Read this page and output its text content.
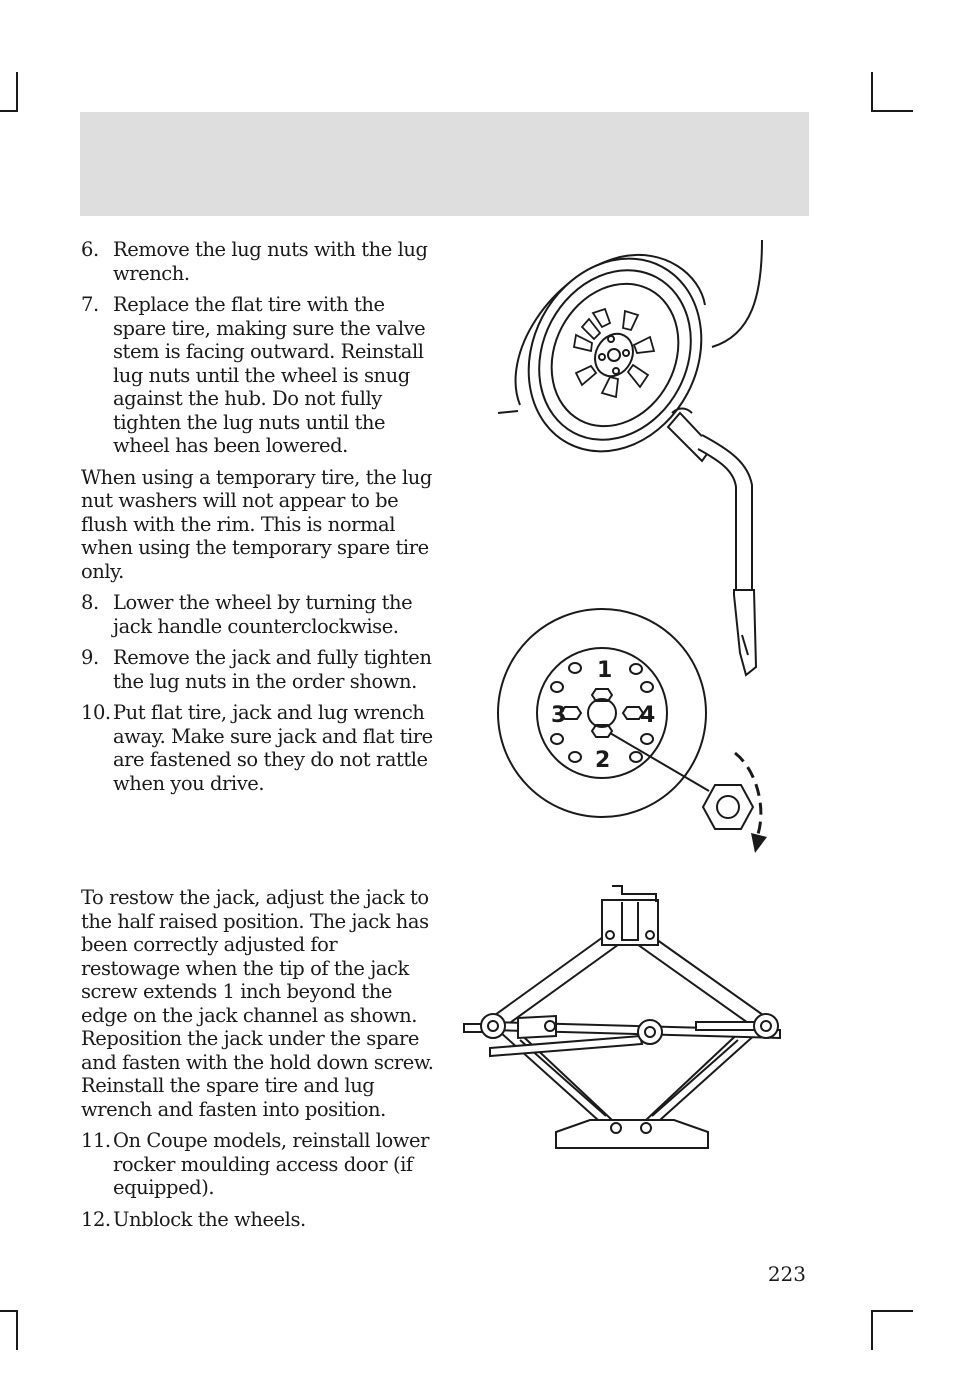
6. Remove the lug nuts with the lug wrench.
7. Replace the flat tire with the spare tire, making sure the valve stem is facing outward. Reinstall lug nuts until the wheel is snug against the hub. Do not fully tighten the lug nuts until the wheel has been lowered.

When using a temporary tire, the lug nut washers will not appear to be flush with the rim. This is normal when using the temporary spare tire only.

8. Lower the wheel by turning the jack handle counterclockwise.
9. Remove the jack and fully tighten the lug nuts in the order shown.
10. Put flat tire, jack and lug wrench away. Make sure jack and flat tire are fastened so they do not rattle when you drive.

To restow the jack, adjust the jack to the half raised position. The jack has been correctly adjusted for restowage when the tip of the jack screw extends 1 inch beyond the edge on the jack channel as shown. Reposition the jack under the spare and fasten with the hold down screw. Reinstall the spare tire and lug wrench and fasten into position.

11. On Coupe models, reinstall lower rocker moulding access door (if equipped).
12. Unblock the wheels.
1
2
3	4
223
